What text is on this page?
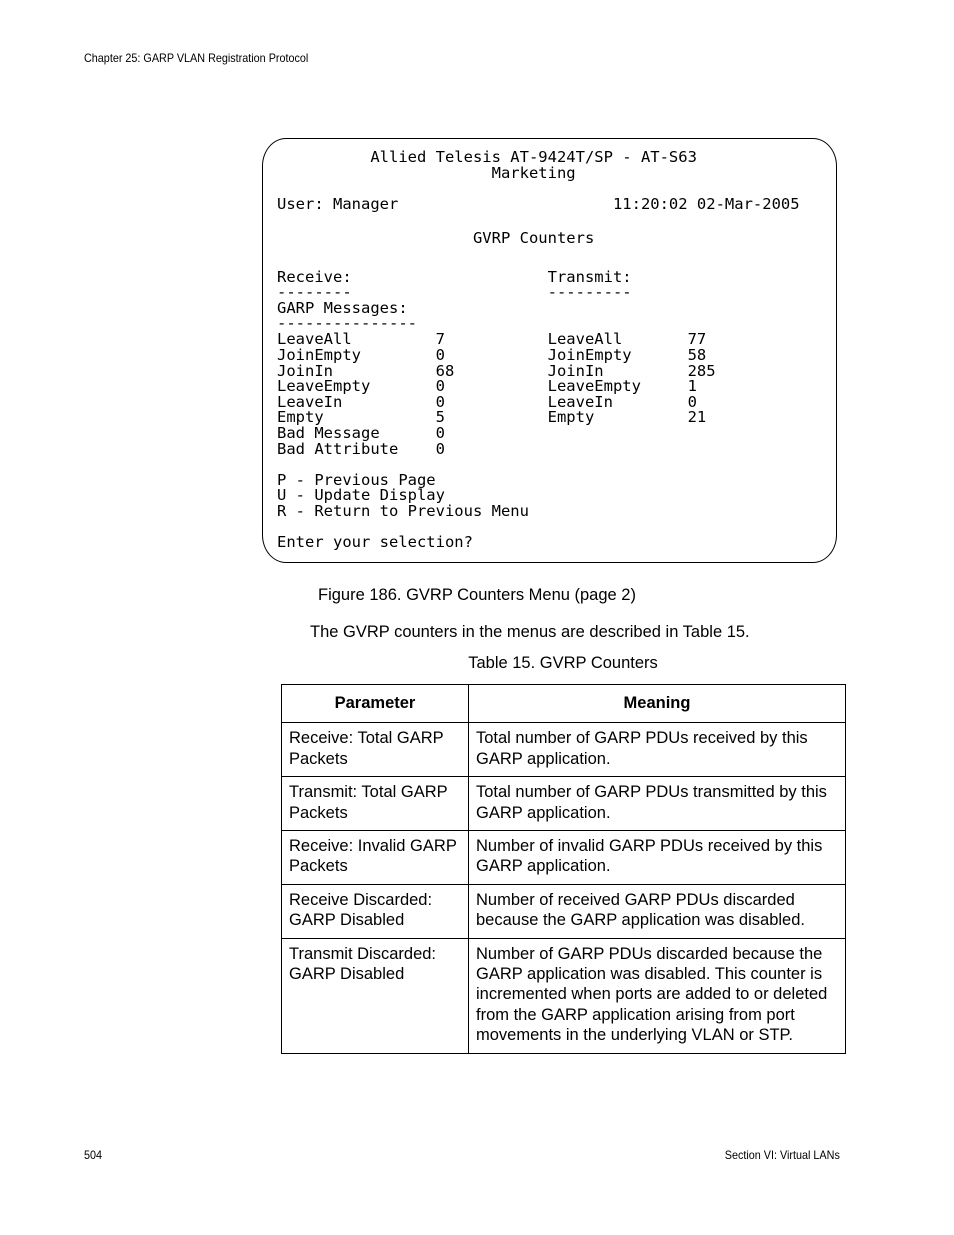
Chapter 25: GARP VLAN Registration Protocol
Allied Telesis AT-9424T/SP - AT-S63
Marketing
User: Manager                       11:20:02 02-Mar-2005
GVRP Counters
Receive:                     Transmit:
--------                     ---------
GARP Messages:
---------------
LeaveAll         7           LeaveAll       77
JoinEmpty        0           JoinEmpty      58
JoinIn           68          JoinIn         285
LeaveEmpty       0           LeaveEmpty     1
LeaveIn          0           LeaveIn        0
Empty            5           Empty          21
Bad Message      0
Bad Attribute    0
P - Previous Page
U - Update Display
R - Return to Previous Menu
Enter your selection?
Figure 186. GVRP Counters Menu (page 2)
The GVRP counters in the menus are described in Table 15.
Table 15. GVRP Counters
Parameter	Meaning
Receive: Total GARP Packets	Total number of GARP PDUs received by this GARP application.
Transmit: Total GARP Packets	Total number of GARP PDUs transmitted by this GARP application.
Receive: Invalid GARP Packets	Number of invalid GARP PDUs received by this GARP application.
Receive Discarded: GARP Disabled	Number of received GARP PDUs discarded because the GARP application was disabled.
Transmit Discarded: GARP Disabled	Number of GARP PDUs discarded because the GARP application was disabled. This counter is incremented when ports are added to or deleted from the GARP application arising from port movements in the underlying VLAN or STP.
504	Section VI: Virtual LANs
